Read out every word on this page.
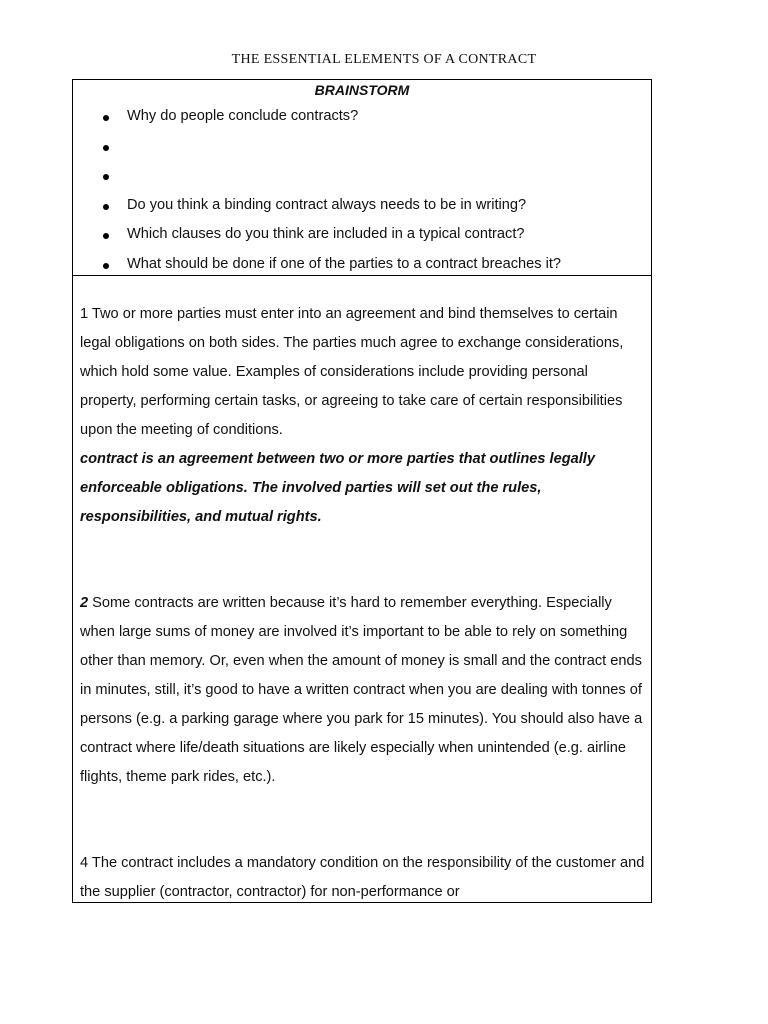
THE ESSENTIAL ELEMENTS OF A CONTRACT
BRAINSTORM
Why do people conclude contracts?
Do you think a binding contract always needs to be in writing?
Which clauses do you think are included in a typical contract?
What should be done if one of the parties to a contract breaches it?
1 Two or more parties must enter into an agreement and bind themselves to certain legal obligations on both sides. The parties much agree to exchange considerations, which hold some value. Examples of considerations include providing personal property, performing certain tasks, or agreeing to take care of certain responsibilities upon the meeting of conditions.
contract is an agreement between two or more parties that outlines legally enforceable obligations. The involved parties will set out the rules, responsibilities, and mutual rights.
2 Some contracts are written because it’s hard to remember everything. Especially when large sums of money are involved it’s important to be able to rely on something other than memory. Or, even when the amount of money is small and the contract ends in minutes, still, it’s good to have a written contract when you are dealing with tonnes of persons (e.g. a parking garage where you park for 15 minutes). You should also have a contract where life/death situations are likely especially when unintended (e.g. airline flights, theme park rides, etc.).
4 The contract includes a mandatory condition on the responsibility of the customer and the supplier (contractor, contractor) for non-performance or
